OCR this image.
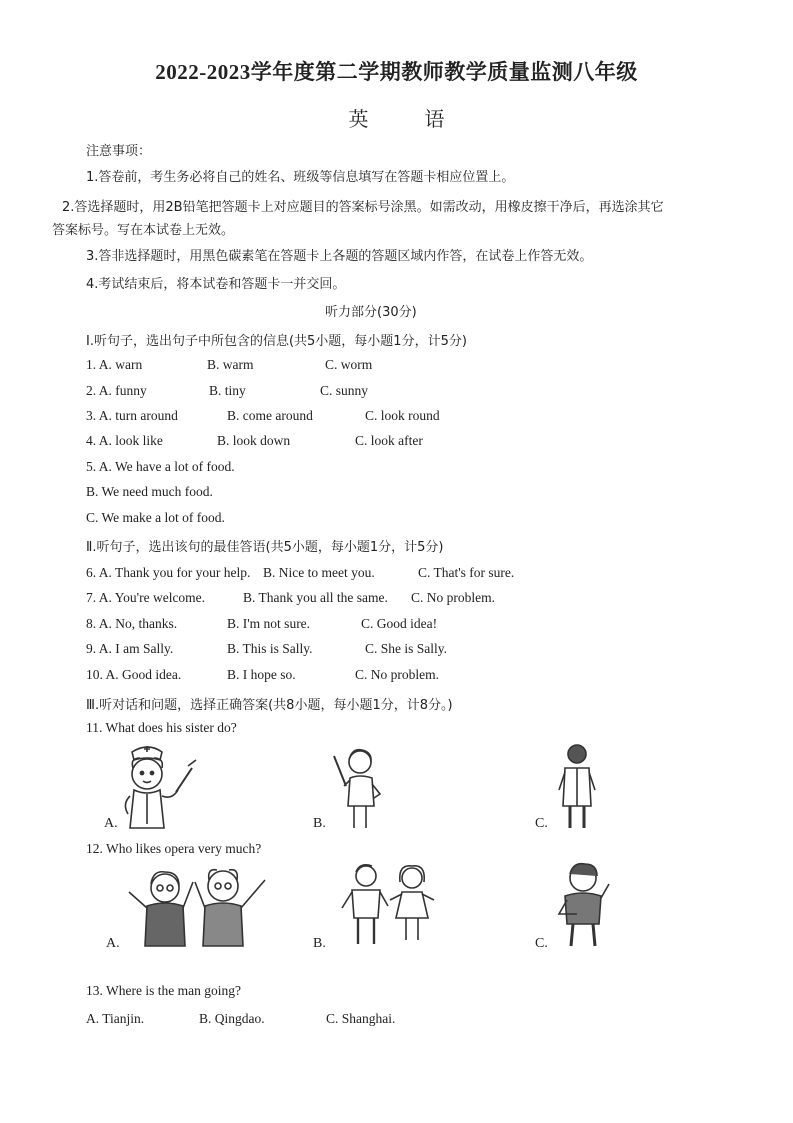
2022-2023学年度第二学期教师教学质量监测八年级
英　语
注意事项：
1.答卷前，考生务必将自己的姓名、班级等信息填写在答题卡相应位置上。
2.答选择题时，用2B铅笔把答题卡上对应题目的答案标号涂黑。如需改动，用橡皮擦干净后，再选涂其它
答案标号。写在本试卷上无效。
3.答非选择题时，用黑色碳素笔在答题卡上各题的答题区域内作答，在试卷上作答无效。
4.考试结束后，将本试卷和答题卡一并交回。
听力部分(30分)
Ⅰ.听句子，选出句子中所包含的信息(共5小题，每小题1分，计5分)
1. A. warn	B. warm	C. worm
2. A. funny	B. tiny	C. sunny
3. A. turn around	B. come around	C. look round
4. A. look like	B. look down	C. look after
5. A. We have a lot of food.
B. We need much food.
C. We make a lot of food.
Ⅱ.听句子，选出该句的最佳答语(共5小题，每小题1分，计5分)
6. A. Thank you for your help. B. Nice to meet you.	C. That's for sure.
7. A. You're welcome.	B. Thank you all the same. C. No problem.
8. A. No, thanks.	B. I'm not sure.	C. Good idea!
9. A. I am Sally.	B. This is Sally.	C. She is Sally.
10. A. Good idea.	B. I hope so.	C. No problem.
Ⅲ.听对话和问题，选择正确答案(共8小题，每小题1分，计8分。)
11. What does his sister do?
A.	B.	C.
12. Who likes opera very much?
A.	B.	C.
13. Where is the man going?
A. Tianjin.	B. Qingdao.	C. Shanghai.
